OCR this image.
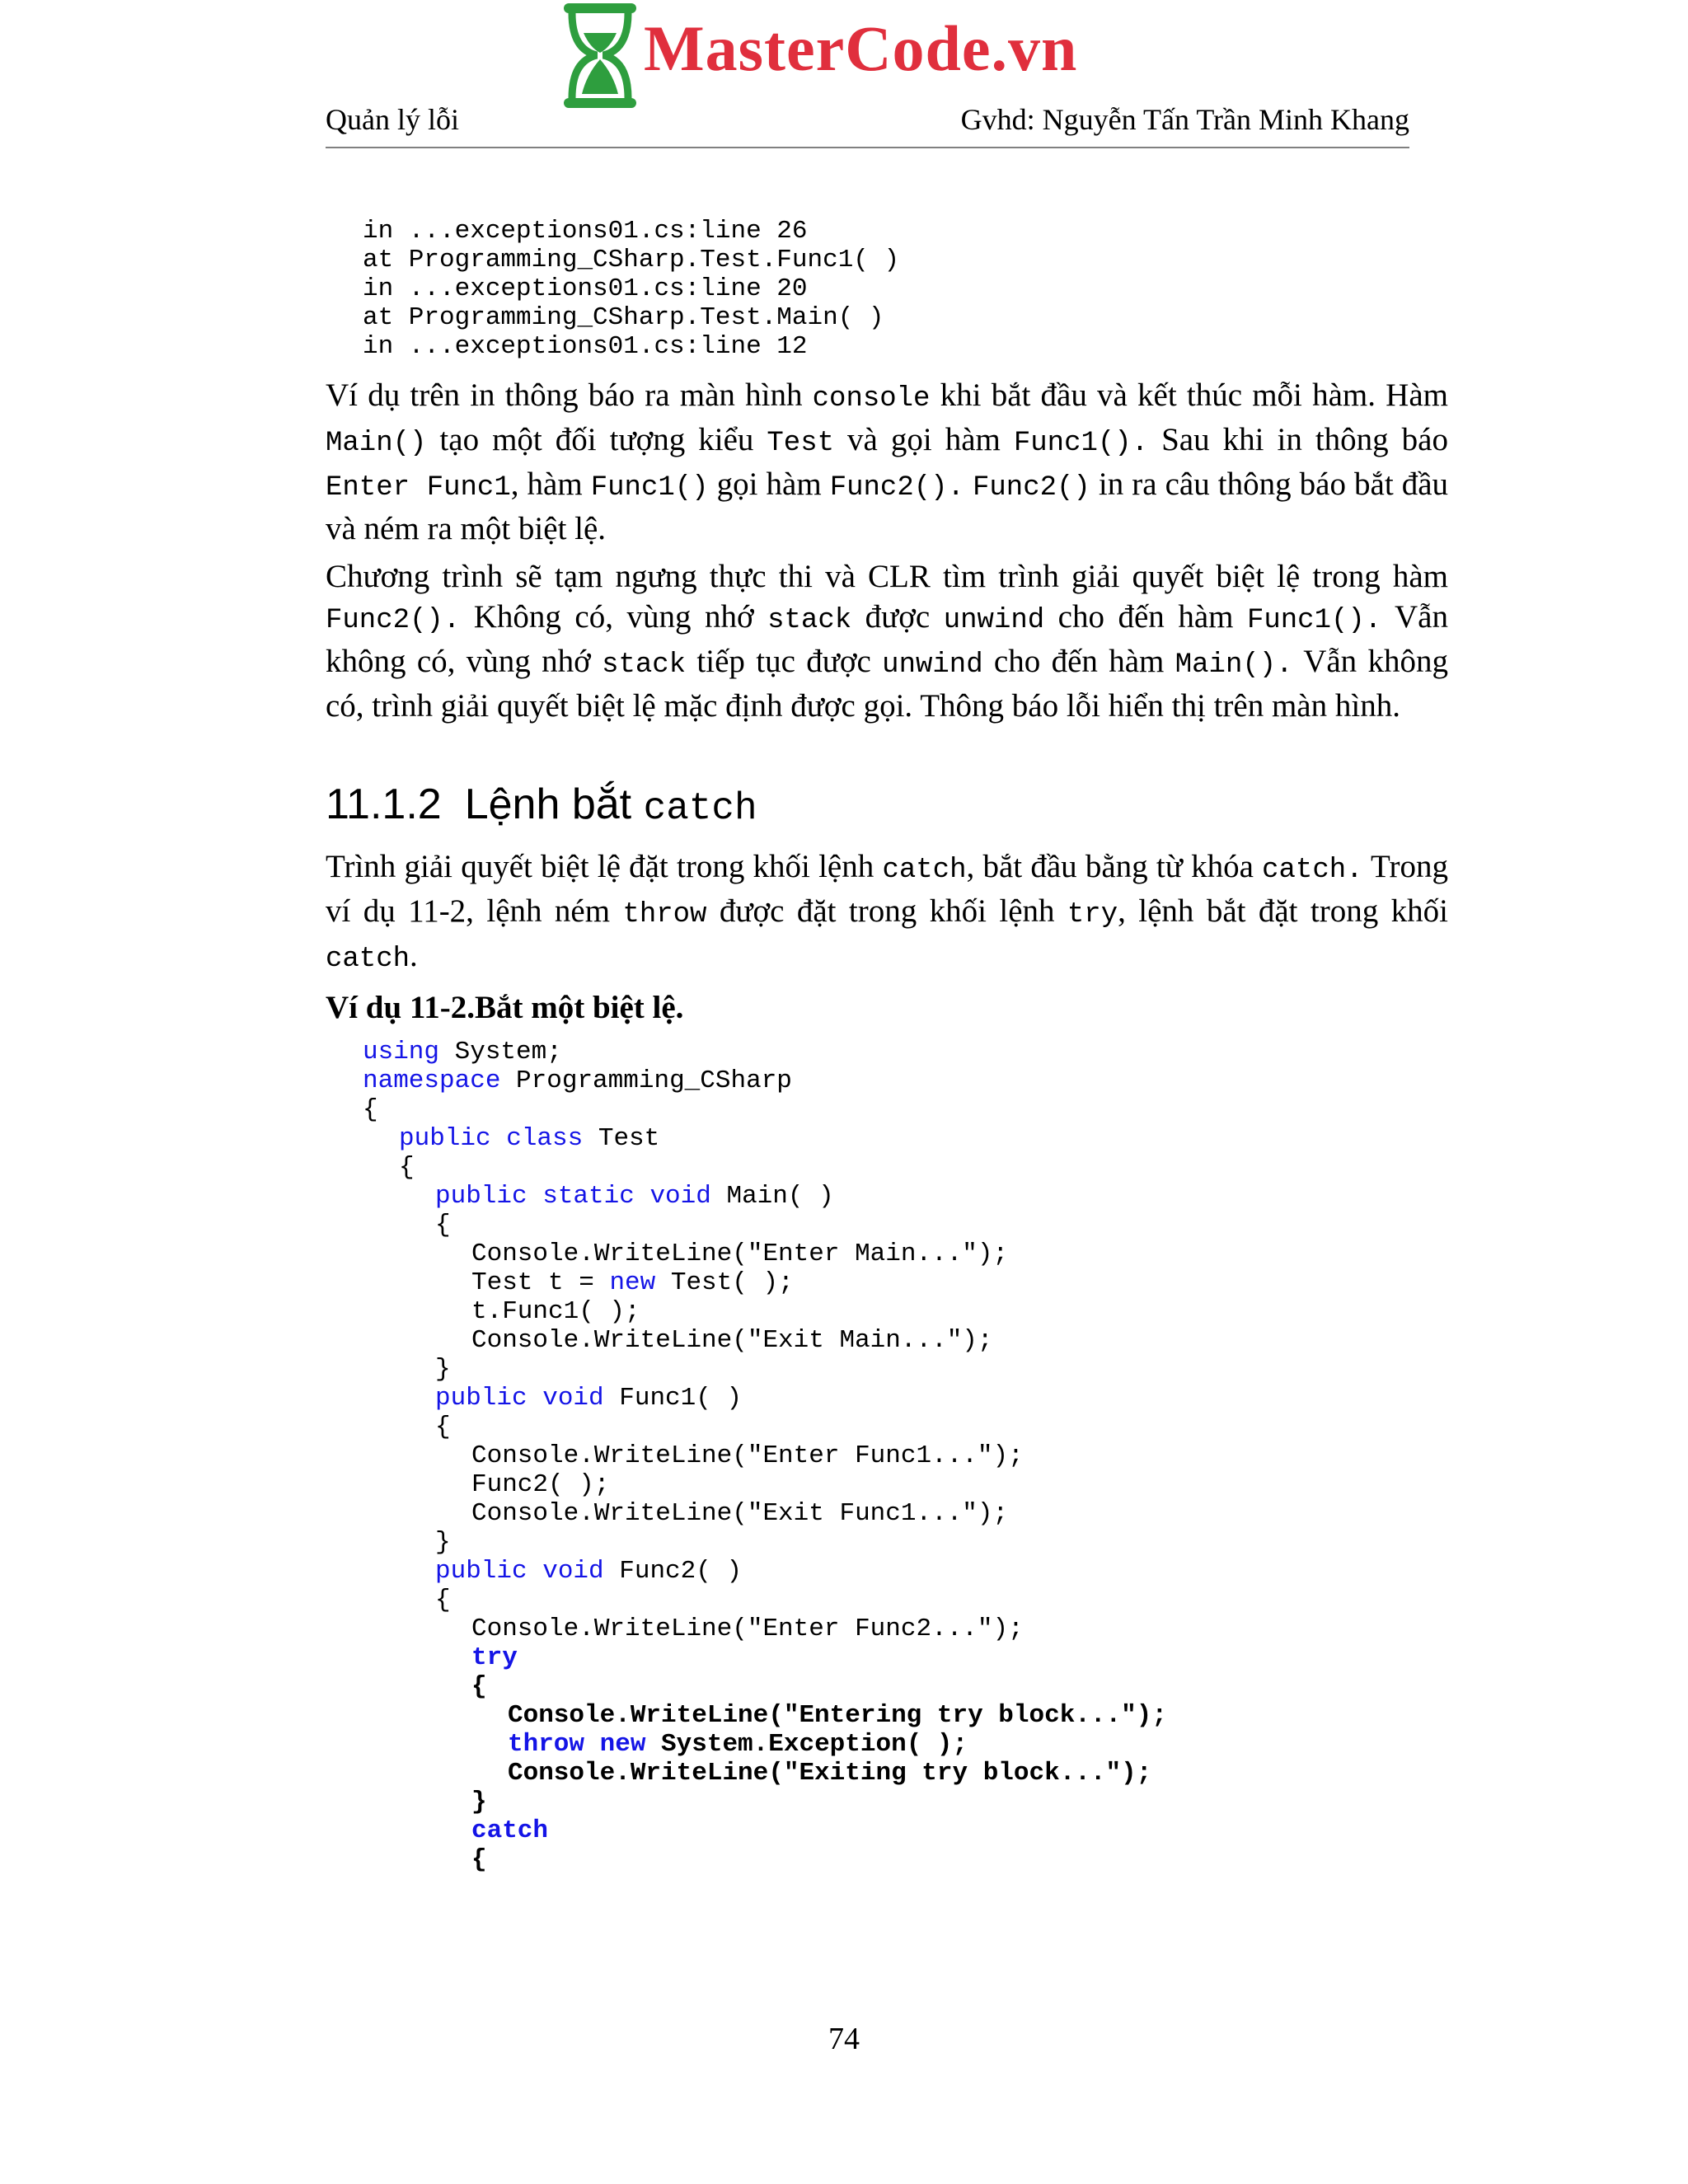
MasterCode.vn
Quản lý lỗi	Gvhd: Nguyễn Tấn Trần Minh Khang
in ...exceptions01.cs:line 26
at Programming_CSharp.Test.Func1( )
in ...exceptions01.cs:line 20
at Programming_CSharp.Test.Main( )
in ...exceptions01.cs:line 12
Ví dụ trên in thông báo ra màn hình console khi bắt đầu và kết thúc mỗi hàm. Hàm Main() tạo một đối tượng kiểu Test và gọi hàm Func1(). Sau khi in thông báo Enter Func1, hàm Func1() gọi hàm Func2(). Func2() in ra câu thông báo bắt đầu và ném ra một biệt lệ.
Chương trình sẽ tạm ngưng thực thi và CLR tìm trình giải quyết biệt lệ trong hàm Func2(). Không có, vùng nhớ stack được unwind cho đến hàm Func1(). Vẫn không có, vùng nhớ stack tiếp tục được unwind cho đến hàm Main(). Vẫn không có, trình giải quyết biệt lệ mặc định được gọi. Thông báo lỗi hiển thị trên màn hình.
11.1.2 Lệnh bắt catch
Trình giải quyết biệt lệ đặt trong khối lệnh catch, bắt đầu bằng từ khóa catch. Trong ví dụ 11-2, lệnh ném throw được đặt trong khối lệnh try, lệnh bắt đặt trong khối catch.
Ví dụ 11-2.Bắt một biệt lệ.
using System;
namespace Programming_CSharp
{
public class Test
{
public static void Main( )
{
Console.WriteLine("Enter Main...");
Test t = new Test( );
t.Func1( );
Console.WriteLine("Exit Main...");
}
public void Func1( )
{
Console.WriteLine("Enter Func1...");
Func2( );
Console.WriteLine("Exit Func1...");
}
public void Func2( )
{
Console.WriteLine("Enter Func2...");
try
{
Console.WriteLine("Entering try block...");
throw new System.Exception( );
Console.WriteLine("Exiting try block...");
}
catch
{
74
